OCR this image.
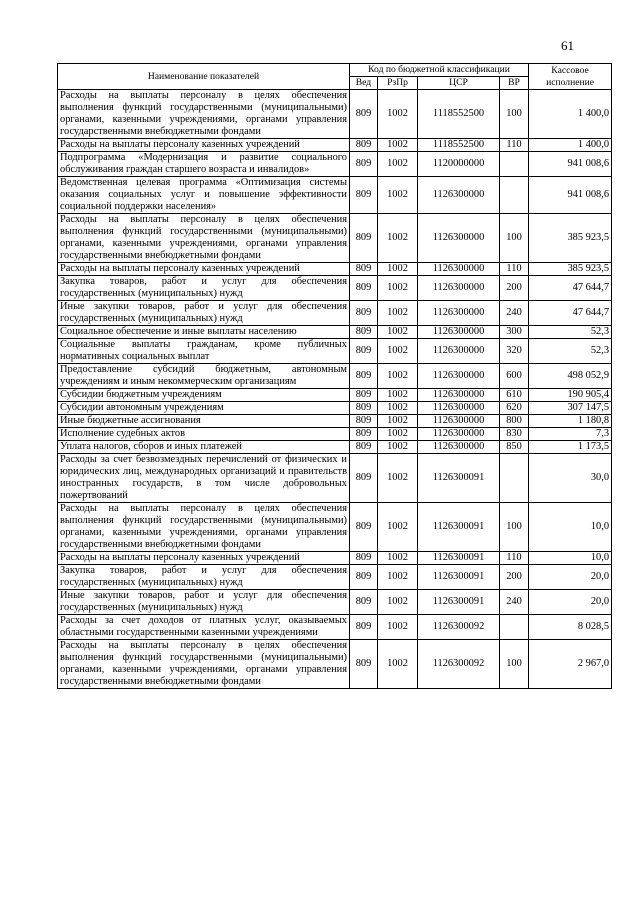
61
Наименование показателей	Код по бюджетной классификации				Кассовое исполнение
	Вед	РзПр	ЦСР	ВР	
Расходы на выплаты персоналу в целях обеспечения выполнения функций государственными (муниципальными) органами, казенными учреждениями, органами управления государственными внебюджетными фондами	809	1002	1118552500	100	1 400,0
Расходы на выплаты персоналу казенных учреждений	809	1002	1118552500	110	1 400,0
Подпрограмма «Модернизация и развитие социального обслуживания граждан старшего возраста и инвалидов»	809	1002	1120000000		941 008,6
Ведомственная целевая программа «Оптимизация системы оказания социальных услуг и повышение эффективности социальной поддержки населения»	809	1002	1126300000		941 008,6
Расходы на выплаты персоналу в целях обеспечения выполнения функций государственными (муниципальными) органами, казенными учреждениями, органами управления государственными внебюджетными фондами	809	1002	1126300000	100	385 923,5
Расходы на выплаты персоналу казенных учреждений	809	1002	1126300000	110	385 923,5
Закупка товаров, работ и услуг для обеспечения государственных (муниципальных) нужд	809	1002	1126300000	200	47 644,7
Иные закупки товаров, работ и услуг для обеспечения государственных (муниципальных) нужд	809	1002	1126300000	240	47 644,7
Социальное обеспечение и иные выплаты населению	809	1002	1126300000	300	52,3
Социальные выплаты гражданам, кроме публичных нормативных социальных выплат	809	1002	1126300000	320	52,3
Предоставление субсидий бюджетным, автономным учреждениям и иным некоммерческим организациям	809	1002	1126300000	600	498 052,9
Субсидии бюджетным учреждениям	809	1002	1126300000	610	190 905,4
Субсидии автономным учреждениям	809	1002	1126300000	620	307 147,5
Иные бюджетные ассигнования	809	1002	1126300000	800	1 180,8
Исполнение судебных актов	809	1002	1126300000	830	7,3
Уплата налогов, сборов и иных платежей	809	1002	1126300000	850	1 173,5
Расходы за счет безвозмездных перечислений от физических и юридических лиц, международных организаций и правительств иностранных государств, в том числе добровольных пожертвований	809	1002	1126300091		30,0
Расходы на выплаты персоналу в целях обеспечения выполнения функций государственными (муниципальными) органами, казенными учреждениями, органами управления государственными внебюджетными фондами	809	1002	1126300091	100	10,0
Расходы на выплаты персоналу казенных учреждений	809	1002	1126300091	110	10,0
Закупка товаров, работ и услуг для обеспечения государственных (муниципальных) нужд	809	1002	1126300091	200	20,0
Иные закупки товаров, работ и услуг для обеспечения государственных (муниципальных) нужд	809	1002	1126300091	240	20,0
Расходы за счет доходов от платных услуг, оказываемых областными государственными казенными учреждениями	809	1002	1126300092		8 028,5
Расходы на выплаты персоналу в целях обеспечения выполнения функций государственными (муниципальными) органами, казенными учреждениями, органами управления государственными внебюджетными фондами	809	1002	1126300092	100	2 967,0
